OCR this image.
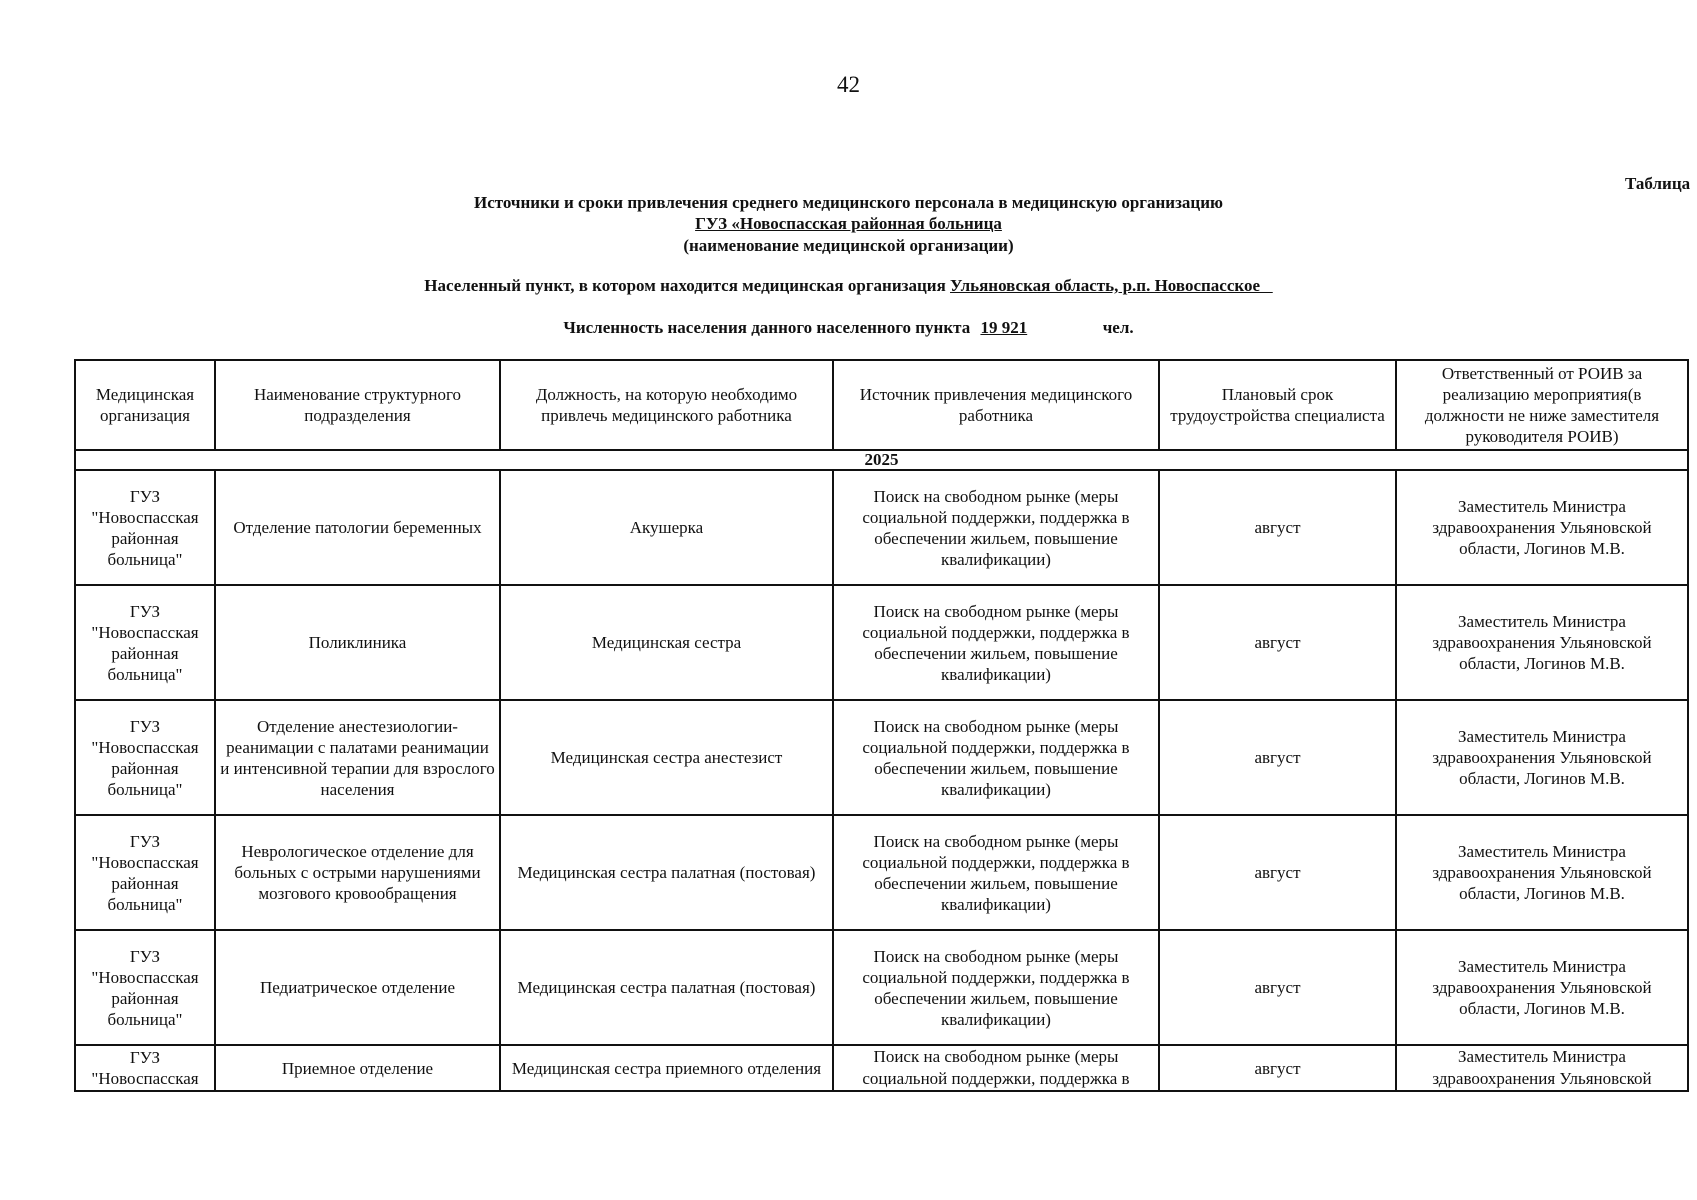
42
Таблица
Источники и сроки привлечения среднего медицинского персонала в медицинскую организацию
ГУЗ «Новоспасская районная больница
(наименование медицинской организации)
Населенный пункт, в котором находится медицинская организация Ульяновская область, р.п. Новоспасское
Численность населения данного населенного пункта 19 921	чел.
Медицинская организация	Наименование структурного подразделения	Должность, на которую необходимо привлечь медицинского работника	Источник привлечения медицинского работника	Плановый срок трудоустройства специалиста	Ответственный от РОИВ за реализацию мероприятия(в должности не ниже заместителя руководителя РОИВ)
2025					
ГУЗ "Новоспасская районная больница"	Отделение патологии беременных	Акушерка	Поиск на свободном рынке (меры социальной поддержки, поддержка в обеспечении жильем, повышение квалификации)	август	Заместитель Министра здравоохранения Ульяновской области, Логинов М.В.
ГУЗ "Новоспасская районная больница"	Поликлиника	Медицинская сестра	Поиск на свободном рынке (меры социальной поддержки, поддержка в обеспечении жильем, повышение квалификации)	август	Заместитель Министра здравоохранения Ульяновской области, Логинов М.В.
ГУЗ "Новоспасская районная больница"	Отделение анестезиологии-реанимации с палатами реанимации и интенсивной терапии для взрослого населения	Медицинская сестра анестезист	Поиск на свободном рынке (меры социальной поддержки, поддержка в обеспечении жильем, повышение квалификации)	август	Заместитель Министра здравоохранения Ульяновской области, Логинов М.В.
ГУЗ "Новоспасская районная больница"	Неврологическое отделение для больных с острыми нарушениями мозгового кровообращения	Медицинская сестра палатная (постовая)	Поиск на свободном рынке (меры социальной поддержки, поддержка в обеспечении жильем, повышение квалификации)	август	Заместитель Министра здравоохранения Ульяновской области, Логинов М.В.
ГУЗ "Новоспасская районная больница"	Педиатрическое отделение	Медицинская сестра палатная (постовая)	Поиск на свободном рынке (меры социальной поддержки, поддержка в обеспечении жильем, повышение квалификации)	август	Заместитель Министра здравоохранения Ульяновской области, Логинов М.В.

ГУЗ "Новоспасская	Приемное отделение	Медицинская сестра приемного отделения	Поиск на свободном рынке (меры социальной поддержки, поддержка в	август	Заместитель Министра здравоохранения Ульяновской
